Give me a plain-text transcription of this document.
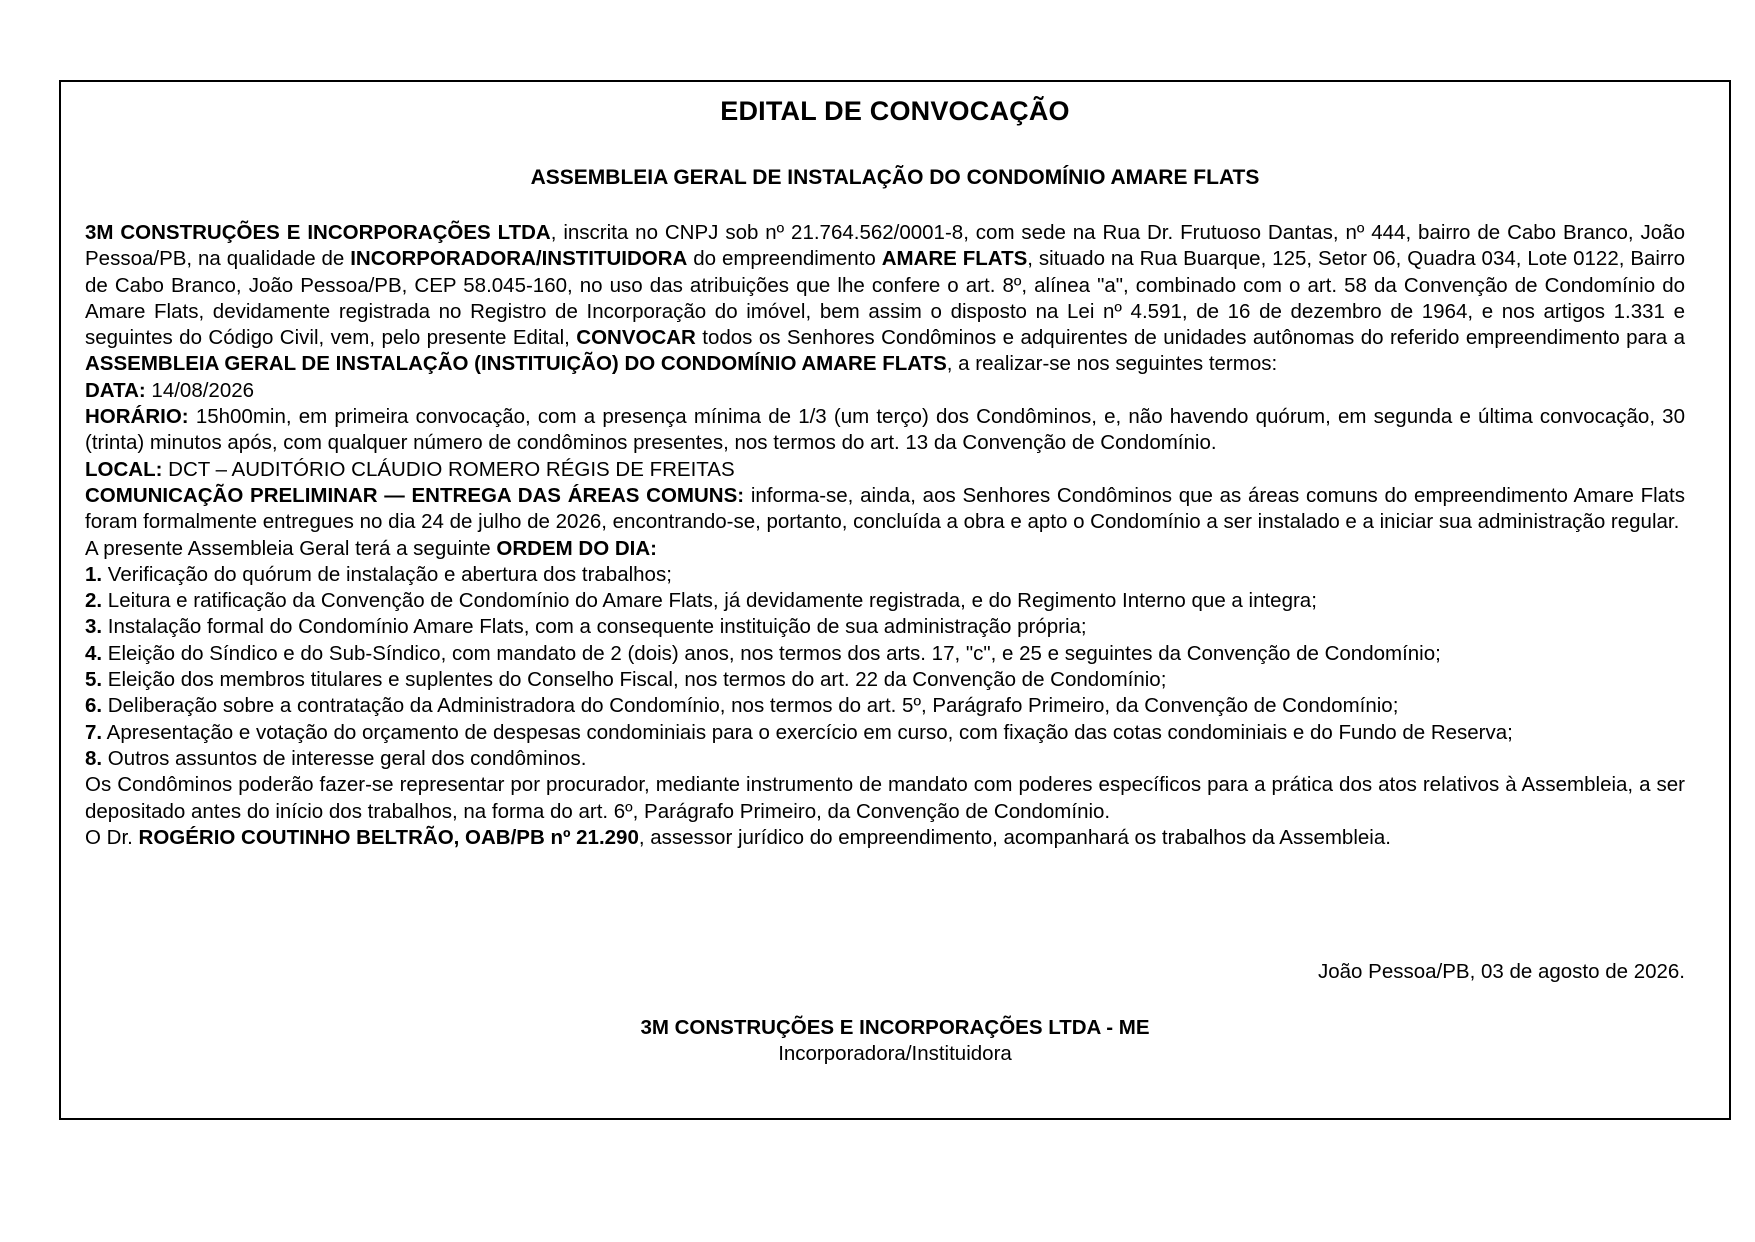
EDITAL DE CONVOCAÇÃO
ASSEMBLEIA GERAL DE INSTALAÇÃO DO CONDOMÍNIO AMARE FLATS

3M CONSTRUÇÕES E INCORPORAÇÕES LTDA, inscrita no CNPJ sob nº 21.764.562/0001-8, com sede na Rua Dr. Frutuoso Dantas, nº 444, bairro de Cabo Branco, João Pessoa/PB, na qualidade de INCORPORADORA/INSTITUIDORA do empreendimento AMARE FLATS, situado na Rua Buarque, 125, Setor 06, Quadra 034, Lote 0122, Bairro de Cabo Branco, João Pessoa/PB, CEP 58.045-160, no uso das atribuições que lhe confere o art. 8º, alínea "a", combinado com o art. 58 da Convenção de Condomínio do Amare Flats, devidamente registrada no Registro de Incorporação do imóvel, bem assim o disposto na Lei nº 4.591, de 16 de dezembro de 1964, e nos artigos 1.331 e seguintes do Código Civil, vem, pelo presente Edital, CONVOCAR todos os Senhores Condôminos e adquirentes de unidades autônomas do referido empreendimento para a ASSEMBLEIA GERAL DE INSTALAÇÃO (INSTITUIÇÃO) DO CONDOMÍNIO AMARE FLATS, a realizar-se nos seguintes termos:

DATA: 14/08/2026

HORÁRIO: 15h00min, em primeira convocação, com a presença mínima de 1/3 (um terço) dos Condôminos, e, não havendo quórum, em segunda e última convocação, 30 (trinta) minutos após, com qualquer número de condôminos presentes, nos termos do art. 13 da Convenção de Condomínio.

LOCAL: DCT – AUDITÓRIO CLÁUDIO ROMERO RÉGIS DE FREITAS

COMUNICAÇÃO PRELIMINAR — ENTREGA DAS ÁREAS COMUNS: informa-se, ainda, aos Senhores Condôminos que as áreas comuns do empreendimento Amare Flats foram formalmente entregues no dia 24 de julho de 2026, encontrando-se, portanto, concluída a obra e apto o Condomínio a ser instalado e a iniciar sua administração regular.

A presente Assembleia Geral terá a seguinte ORDEM DO DIA:

1. Verificação do quórum de instalação e abertura dos trabalhos;

2. Leitura e ratificação da Convenção de Condomínio do Amare Flats, já devidamente registrada, e do Regimento Interno que a integra;

3. Instalação formal do Condomínio Amare Flats, com a consequente instituição de sua administração própria;

4. Eleição do Síndico e do Sub-Síndico, com mandato de 2 (dois) anos, nos termos dos arts. 17, "c", e 25 e seguintes da Convenção de Condomínio;

5. Eleição dos membros titulares e suplentes do Conselho Fiscal, nos termos do art. 22 da Convenção de Condomínio;

6. Deliberação sobre a contratação da Administradora do Condomínio, nos termos do art. 5º, Parágrafo Primeiro, da Convenção de Condomínio;

7. Apresentação e votação do orçamento de despesas condominiais para o exercício em curso, com fixação das cotas condominiais e do Fundo de Reserva;

8. Outros assuntos de interesse geral dos condôminos.

Os Condôminos poderão fazer-se representar por procurador, mediante instrumento de mandato com poderes específicos para a prática dos atos relativos à Assembleia, a ser depositado antes do início dos trabalhos, na forma do art. 6º, Parágrafo Primeiro, da Convenção de Condomínio.

O Dr. ROGÉRIO COUTINHO BELTRÃO, OAB/PB nº 21.290, assessor jurídico do empreendimento, acompanhará os trabalhos da Assembleia.

João Pessoa/PB, 03 de agosto de 2026.
3M CONSTRUÇÕES E INCORPORAÇÕES LTDA - ME
Incorporadora/Instituidora
